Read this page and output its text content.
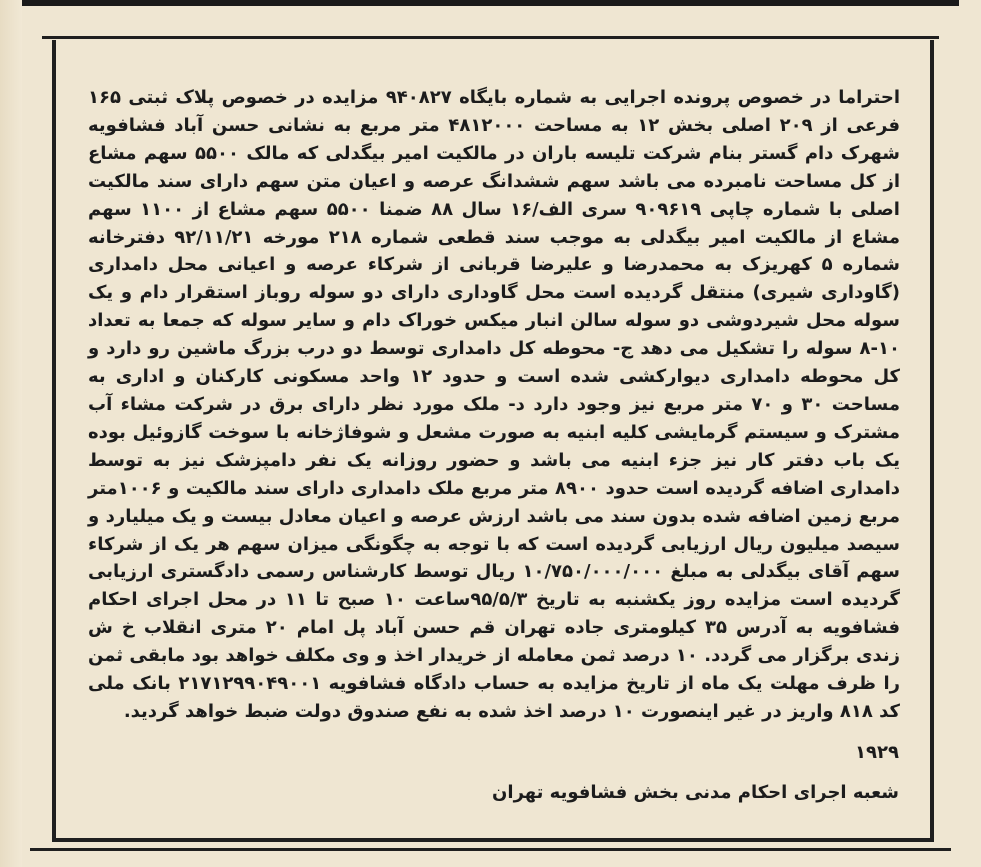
احتراما در خصوص پرونده اجرایی به شماره بایگاه ۹۴۰۸۲۷ مزایده در خصوص پلاک ثبتی ۱۶۵ فرعی از ۲۰۹ اصلی بخش ۱۲ به مساحت ۴۸۱۲۰۰۰ متر مربع به نشانی حسن آباد فشافویه شهرک دام گستر بنام شرکت تلیسه باران در مالکیت امیر بیگدلی که مالک ۵۵۰۰ سهم مشاع از کل مساحت نامبرده می باشد سهم ششدانگ عرصه و اعیان متن سهم دارای سند مالکیت اصلی با شماره چاپی ۹۰۹۶۱۹ سری الف/۱۶ سال ۸۸ ضمنا ۵۵۰۰ سهم مشاع از ۱۱۰۰ سهم مشاع از مالکیت امیر بیگدلی به موجب سند قطعی شماره ۲۱۸ مورخه ۹۲/۱۱/۲۱ دفترخانه شماره ۵ کهریزک به محمدرضا و علیرضا قربانی از شرکاء عرصه و اعیانی محل دامداری (گاوداری شیری) منتقل گردیده است محل گاوداری دارای دو سوله روباز استقرار دام و یک سوله محل شیردوشی دو سوله سالن انبار میکس خوراک دام و سایر سوله که جمعا به تعداد ۱۰-۸ سوله را تشکیل می دهد ج- محوطه کل دامداری توسط دو درب بزرگ ماشین رو دارد و کل محوطه دامداری دیوارکشی شده است و حدود ۱۲ واحد مسکونی کارکنان و اداری به مساحت ۳۰ و ۷۰ متر مربع نیز وجود دارد د- ملک مورد نظر دارای برق در شرکت مشاء آب مشترک و سیستم گرمایشی کلیه ابنیه به صورت مشعل و شوفاژخانه با سوخت گازوئیل بوده یک باب دفتر کار نیز جزء ابنیه می باشد و حضور روزانه یک نفر دامپزشک نیز به توسط دامداری اضافه گردیده است حدود ۸۹۰۰ متر مربع ملک دامداری دارای سند مالکیت و ۱۰۰۶متر مربع زمین اضافه شده بدون سند می باشد ارزش عرصه و اعیان معادل بیست و یک میلیارد و سیصد میلیون ریال ارزیابی گردیده است که با توجه به چگونگی میزان سهم هر یک از شرکاء سهم آقای بیگدلی به مبلغ ۱۰/۷۵۰/۰۰۰/۰۰۰ ریال توسط کارشناس رسمی دادگستری ارزیابی گردیده است مزایده روز یکشنبه به تاریخ ۹۵/۵/۳ساعت ۱۰ صبح تا ۱۱ در محل اجرای احکام فشافویه به آدرس ۳۵ کیلومتری جاده تهران قم حسن آباد پل امام ۲۰ متری انقلاب خ ش زندی برگزار می گردد. ۱۰ درصد ثمن معامله از خریدار اخذ و وی مکلف خواهد بود مابقی ثمن را ظرف مهلت یک ماه از تاریخ مزایده به حساب دادگاه فشافویه ۲۱۷۱۲۹۹۰۴۹۰۰۱ بانک ملی کد ۸۱۸ واریز در غیر اینصورت ۱۰ درصد اخذ شده به نفع صندوق دولت ضبط خواهد گردید.
۱۹۲۹
شعبه اجرای احکام مدنی بخش فشافویه تهران
